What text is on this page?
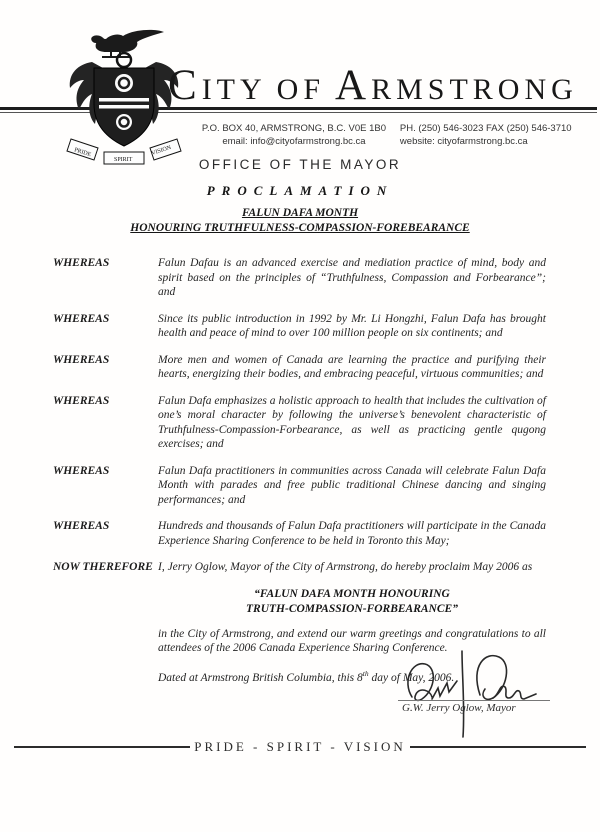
PRIDE
SPIRIT
VISION
CITY OF ARMSTRONG
P.O. BOX 40, ARMSTRONG, B.C. V0E 1B0
email: info@cityofarmstrong.bc.ca
PH. (250) 546-3023 FAX (250) 546-3710
website: cityofarmstrong.bc.ca
OFFICE OF THE MAYOR
PROCLAMATION
FALUN DAFA MONTH
HONOURING TRUTHFULNESS-COMPASSION-FOREBEARANCE
WHEREAS	Falun Dafau is an advanced exercise and mediation practice of mind, body and spirit based on the principles of “Truthfulness, Compassion and Forbearance”; and
WHEREAS	Since its public introduction in 1992 by Mr. Li Hongzhi, Falun Dafa has brought health and peace of mind to over 100 million people on six continents; and
WHEREAS	More men and women of Canada are learning the practice and purifying their hearts, energizing their bodies, and embracing peaceful, virtuous communities; and
WHEREAS	Falun Dafa emphasizes a holistic approach to health that includes the cultivation of one’s moral character by following the universe’s benevolent characteristic of Truthfulness-Compassion-Forbearance, as well as practicing gentle qugong exercises; and
WHEREAS	Falun Dafa practitioners in communities across Canada will celebrate Falun Dafa Month with parades and free public traditional Chinese dancing and singing performances; and
WHEREAS	Hundreds and thousands of Falun Dafa practitioners will participate in the Canada Experience Sharing Conference to be held in Toronto this May;
NOW THEREFORE I, Jerry Oglow, Mayor of the City of Armstrong, do hereby proclaim May 2006 as
“FALUN DAFA MONTH HONOURING
TRUTH-COMPASSION-FORBEARANCE”
in the City of Armstrong, and extend our warm greetings and congratulations to all attendees of the 2006 Canada Experience Sharing Conference.
Dated at Armstrong British Columbia, this 8th day of May, 2006.
G.W. Jerry Oglow, Mayor
PRIDE - SPIRIT - VISION
